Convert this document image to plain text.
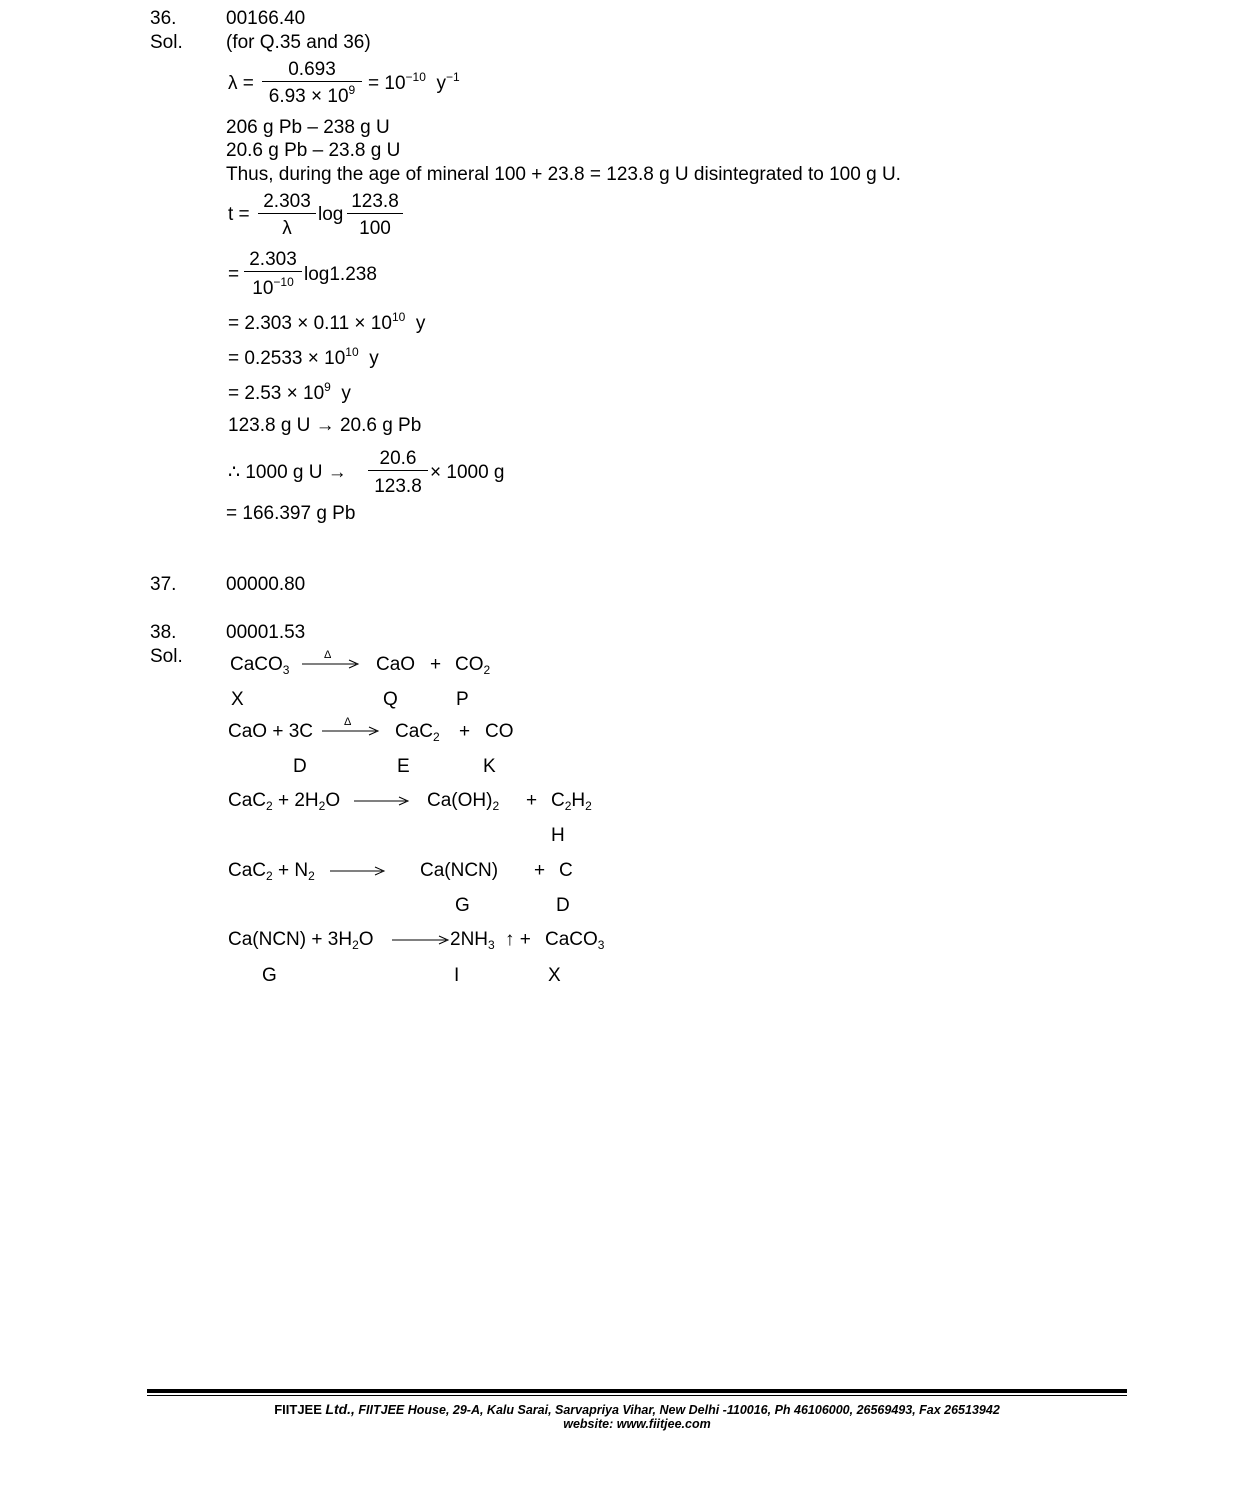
36.	00166.40
Sol. (for Q.35 and 36)
$\lambda = \frac{0.693}{6.93 \times 10^9} = 10^{-10}$ $y^{-1}$
206 g Pb – 238 g U
20.6 g Pb – 23.8 g U
Thus, during the age of mineral 100 + 23.8 = 123.8 g U disintegrated to 100 g U.
$t = \frac{2.303}{\lambda}$ $\log \frac{123.8}{100}$
= $\frac{2.303}{10^{-10}} \log 1.238$
= $2.303 \times 0.11 \times 10^{10}$ y
= $0.2533 \times 10^{10}$ y
= $2.53 \times 10^9$ y
123.8 g U → 20.6 g Pb
∴ 1000 g $U \to \frac{20.6}{123.8} \times 1000$ g
= 166.397 g Pb
37.	00000.80
38.	00001.53
Sol. CaCO$_3$
Δ CaO + $CO_2$
X	Q	P
CaO + 3C	Δ CaC$_2$ + CO
D	E	K
$CaC_2 + 2H_2O$	$Ca(OH)_2 + C_2H_2$
H
$CaC_2 + N_2$	Ca(NCN) + C
G	D
$Ca(NCN) + 3H_2O$	$2NH_3$ ↑ + CaCO$_3$
G	I	X
FIITJEE Ltd., FIITJEE House, 29-A, Kalu Sarai, Sarvapriya Vihar, New Delhi -110016, Ph 46106000, 26569493, Fax 26513942
website: www.fiitjee.com
